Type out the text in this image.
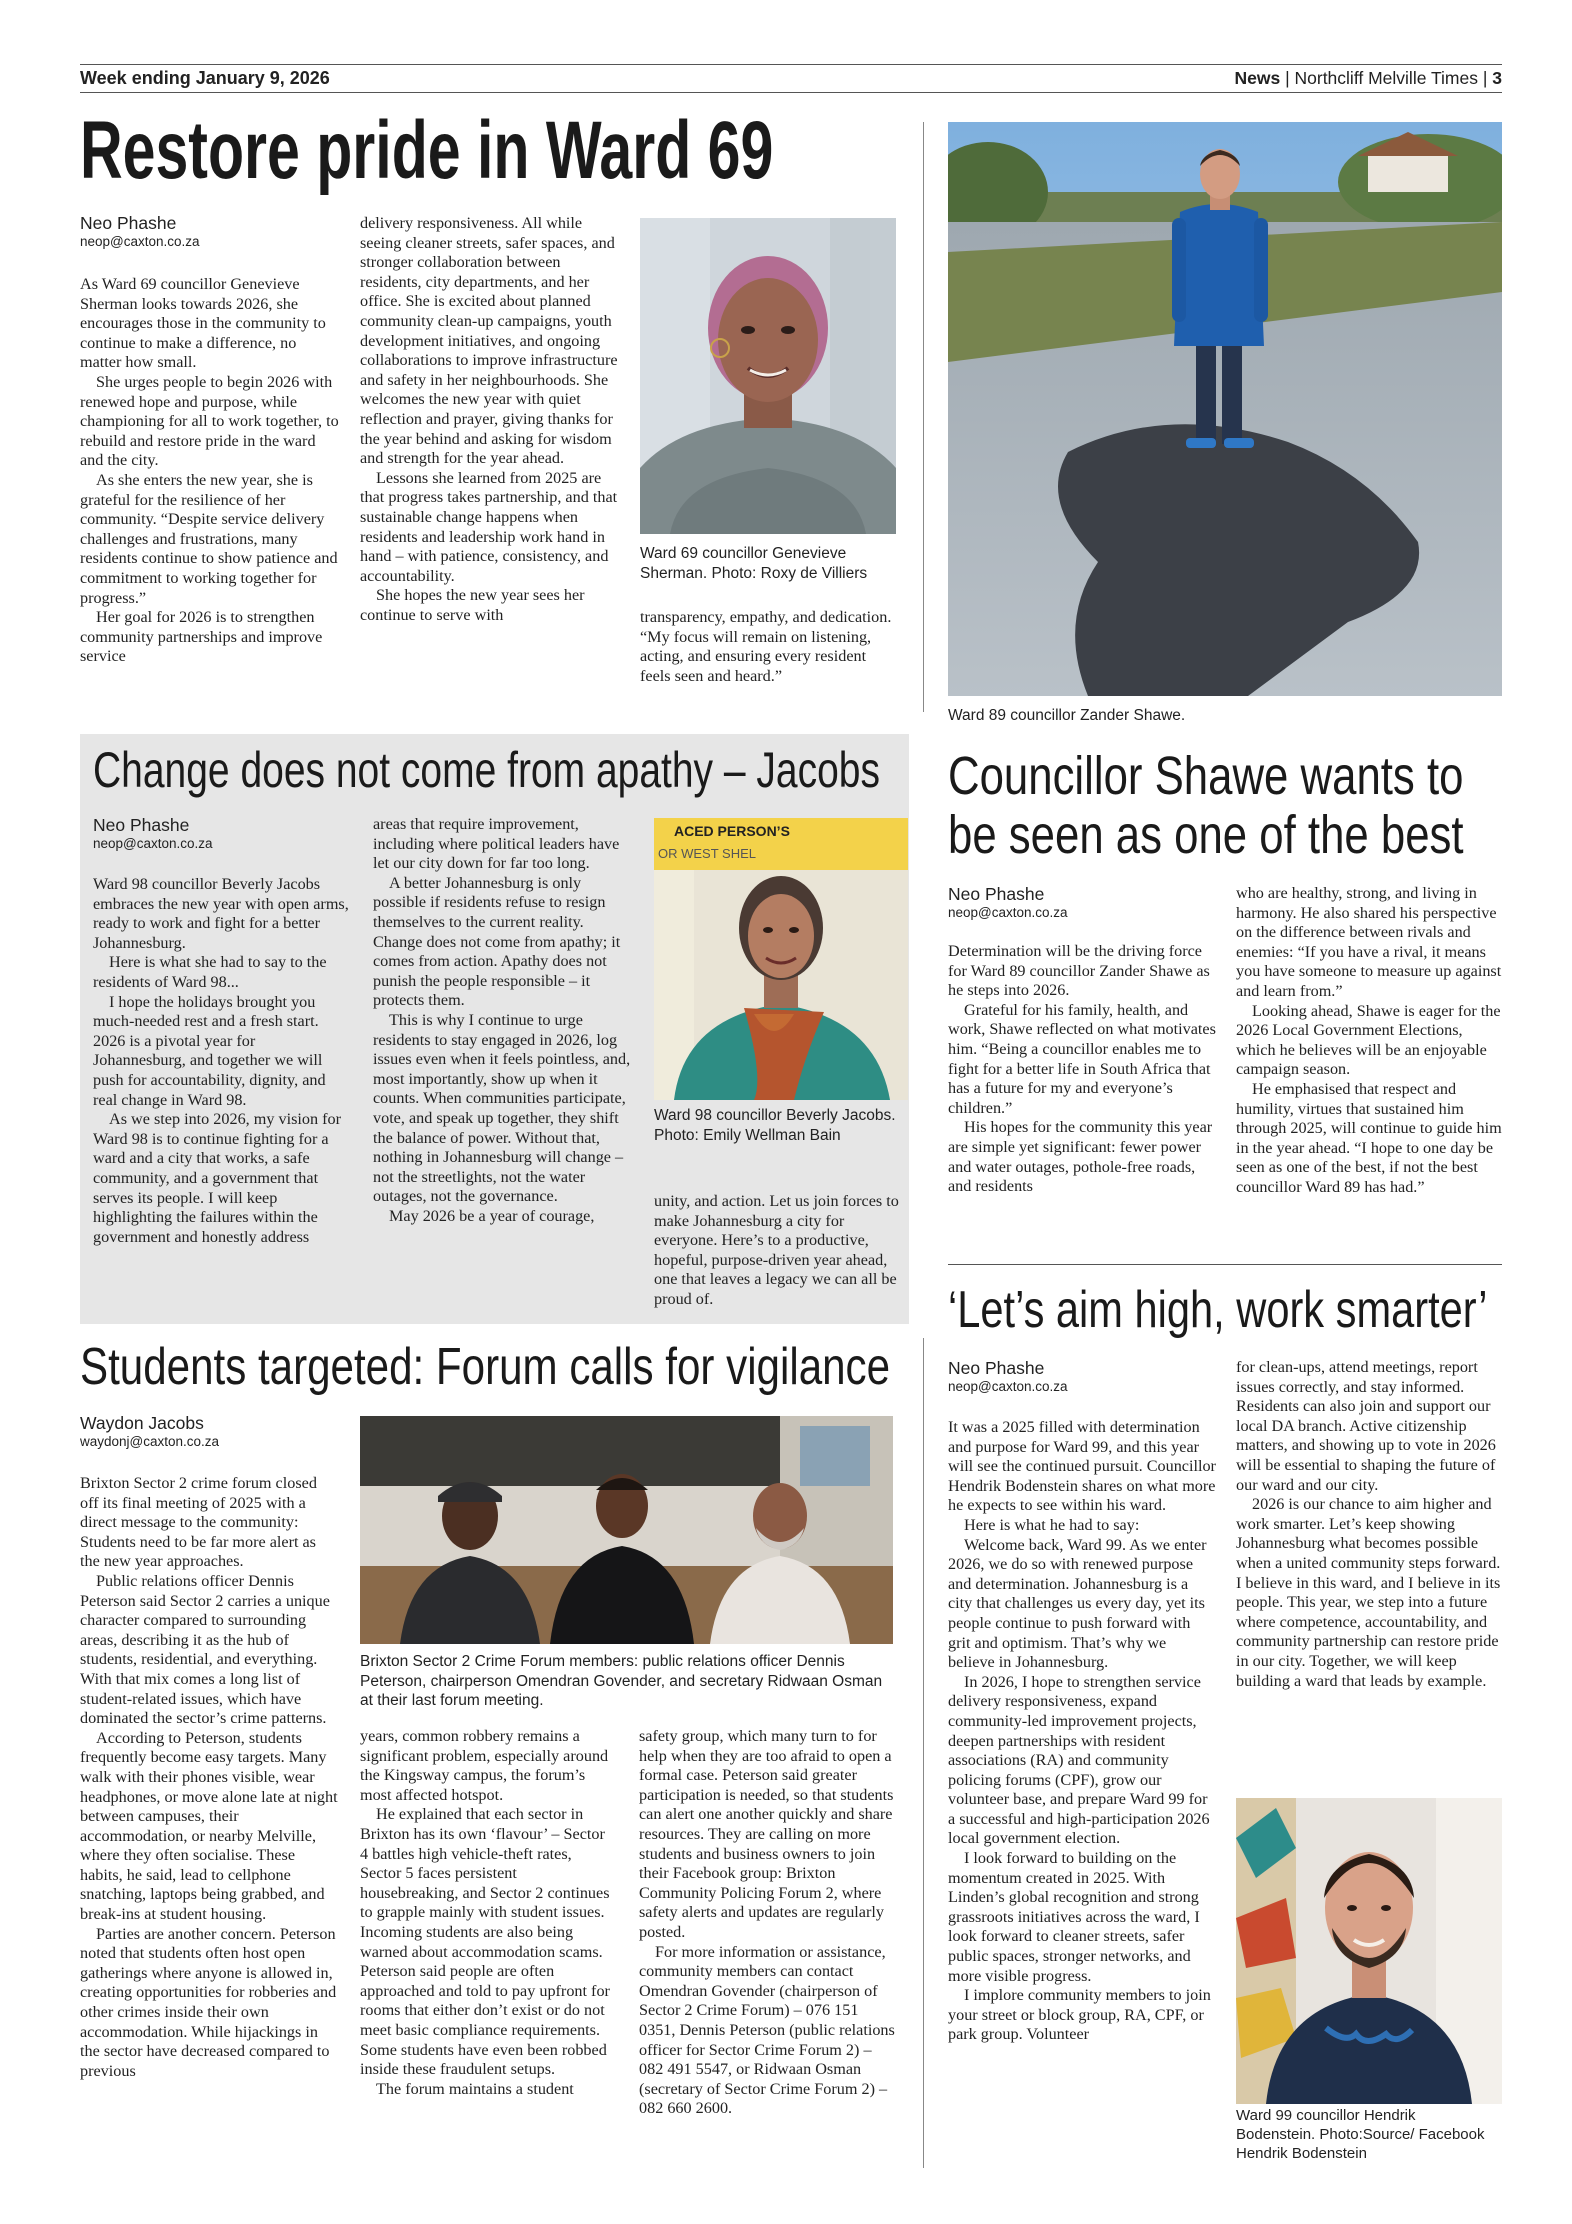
Week ending January 9, 2026	News | Northcliff Melville Times | 3
Restore pride in Ward 69
Neo Phashe
neop@caxton.co.za

As Ward 69 councillor Genevieve Sherman looks towards 2026, she encourages those in the community to continue to make a difference, no matter how small.

She urges people to begin 2026 with renewed hope and purpose, while championing for all to work together, to rebuild and restore pride in the ward and the city.

As she enters the new year, she is grateful for the resilience of her community. “Despite service delivery challenges and frustrations, many residents continue to show patience and commitment to working together for progress.”

Her goal for 2026 is to strengthen community partnerships and improve service

delivery responsiveness. All while seeing cleaner streets, safer spaces, and stronger collaboration between residents, city departments, and her office. She is excited about planned community clean-up campaigns, youth development initiatives, and ongoing collaborations to improve infrastructure and safety in her neighbourhoods. She welcomes the new year with quiet reflection and prayer, giving thanks for the year behind and asking for wisdom and strength for the year ahead.

Lessons she learned from 2025 are that progress takes partnership, and that sustainable change happens when residents and leadership work hand in hand – with patience, consistency, and accountability.

She hopes the new year sees her continue to serve with

Ward 69 councillor Genevieve Sherman. Photo: Roxy de Villiers

transparency, empathy, and dedication. “My focus will remain on listening, acting, and ensuring every resident feels seen and heard.”

Ward 89 councillor Zander Shawe.
Change does not come from apathy – Jacobs
Neo Phashe
neop@caxton.co.za

Ward 98 councillor Beverly Jacobs embraces the new year with open arms, ready to work and fight for a better Johannesburg.

Here is what she had to say to the residents of Ward 98...

I hope the holidays brought you much-needed rest and a fresh start. 2026 is a pivotal year for Johannesburg, and together we will push for accountability, dignity, and real change in Ward 98.

As we step into 2026, my vision for Ward 98 is to continue fighting for a ward and a city that works, a safe community, and a government that serves its people. I will keep highlighting the failures within the government and honestly address

areas that require improvement, including where political leaders have let our city down for far too long.

A better Johannesburg is only possible if residents refuse to resign themselves to the current reality. Change does not come from apathy; it comes from action. Apathy does not punish the people responsible – it protects them.

This is why I continue to urge residents to stay engaged in 2026, log issues even when it feels pointless, and, most importantly, show up when it counts. When communities participate, vote, and speak up together, they shift the balance of power. Without that, nothing in Johannesburg will change – not the streetlights, not the water outages, not the governance.

May 2026 be a year of courage,

ACED PERSON’S
OR WEST SHEL
Ward 98 councillor Beverly Jacobs. Photo: Emily Wellman Bain

unity, and action. Let us join forces to make Johannesburg a city for everyone. Here’s to a productive, hopeful, purpose-driven year ahead, one that leaves a legacy we can all be proud of.

Councillor Shawe wants to
be seen as one of the best
Neo Phashe
neop@caxton.co.za

Determination will be the driving force for Ward 89 councillor Zander Shawe as he steps into 2026.

Grateful for his family, health, and work, Shawe reflected on what motivates him. “Being a councillor enables me to fight for a better life in South Africa that has a future for my and everyone’s children.”

His hopes for the community this year are simple yet significant: fewer power and water outages, pothole-free roads, and residents

who are healthy, strong, and living in harmony. He also shared his perspective on the difference between rivals and enemies: “If you have a rival, it means you have someone to measure up against and learn from.”

Looking ahead, Shawe is eager for the 2026 Local Government Elections, which he believes will be an enjoyable campaign season.

He emphasised that respect and humility, virtues that sustained him through 2025, will continue to guide him in the year ahead. “I hope to one day be seen as one of the best, if not the best councillor Ward 89 has had.”

Students targeted: Forum calls for vigilance
Waydon Jacobs
waydonj@caxton.co.za

Brixton Sector 2 crime forum closed off its final meeting of 2025 with a direct message to the community: Students need to be far more alert as the new year approaches.

Public relations officer Dennis Peterson said Sector 2 carries a unique character compared to surrounding areas, describing it as the hub of students, residential, and everything. With that mix comes a long list of student-related issues, which have dominated the sector’s crime patterns.

According to Peterson, students frequently become easy targets. Many walk with their phones visible, wear headphones, or move alone late at night between campuses, their accommodation, or nearby Melville, where they often socialise. These habits, he said, lead to cellphone snatching, laptops being grabbed, and break-ins at student housing.

Parties are another concern. Peterson noted that students often host open gatherings where anyone is allowed in, creating opportunities for robberies and other crimes inside their own accommodation. While hijackings in the sector have decreased compared to previous

Brixton Sector 2 Crime Forum members: public relations officer Dennis Peterson, chairperson Omendran Govender, and secretary Ridwaan Osman at their last forum meeting.

years, common robbery remains a significant problem, especially around the Kingsway campus, the forum’s most affected hotspot.

He explained that each sector in Brixton has its own ‘flavour’ – Sector 4 battles high vehicle-theft rates, Sector 5 faces persistent housebreaking, and Sector 2 continues to grapple mainly with student issues. Incoming students are also being warned about accommodation scams. Peterson said people are often approached and told to pay upfront for rooms that either don’t exist or do not meet basic compliance requirements. Some students have even been robbed inside these fraudulent setups.

The forum maintains a student

safety group, which many turn to for help when they are too afraid to open a formal case. Peterson said greater participation is needed, so that students can alert one another quickly and share resources. They are calling on more students and business owners to join their Facebook group: Brixton Community Policing Forum 2, where safety alerts and updates are regularly posted.

For more information or assistance, community members can contact Omendran Govender (chairperson of Sector 2 Crime Forum) – 076 151 0351, Dennis Peterson (public relations officer for Sector Crime Forum 2) – 082 491 5547, or Ridwaan Osman (secretary of Sector Crime Forum 2) – 082 660 2600.

‘Let’s aim high, work smarter’
Neo Phashe
neop@caxton.co.za

It was a 2025 filled with determination and purpose for Ward 99, and this year will see the continued pursuit. Councillor Hendrik Bodenstein shares on what more he expects to see within his ward.

Here is what he had to say:

Welcome back, Ward 99. As we enter 2026, we do so with renewed purpose and determination. Johannesburg is a city that challenges us every day, yet its people continue to push forward with grit and optimism. That’s why we believe in Johannesburg.

In 2026, I hope to strengthen service delivery responsiveness, expand community-led improvement projects, deepen partnerships with resident associations (RA) and community policing forums (CPF), grow our volunteer base, and prepare Ward 99 for a successful and high-participation 2026 local government election.

I look forward to building on the momentum created in 2025. With Linden’s global recognition and strong grassroots initiatives across the ward, I look forward to cleaner streets, safer public spaces, stronger networks, and more visible progress.

I implore community members to join your street or block group, RA, CPF, or park group. Volunteer

for clean-ups, attend meetings, report issues correctly, and stay informed. Residents can also join and support our local DA branch. Active citizenship matters, and showing up to vote in 2026 will be essential to shaping the future of our ward and our city.

2026 is our chance to aim higher and work smarter. Let’s keep showing Johannesburg what becomes possible when a united community steps forward. I believe in this ward, and I believe in its people. This year, we step into a future where competence, accountability, and community partnership can restore pride in our city. Together, we will keep building a ward that leads by example.

Ward 99 councillor Hendrik Bodenstein. Photo:Source/ Facebook Hendrik Bodenstein
